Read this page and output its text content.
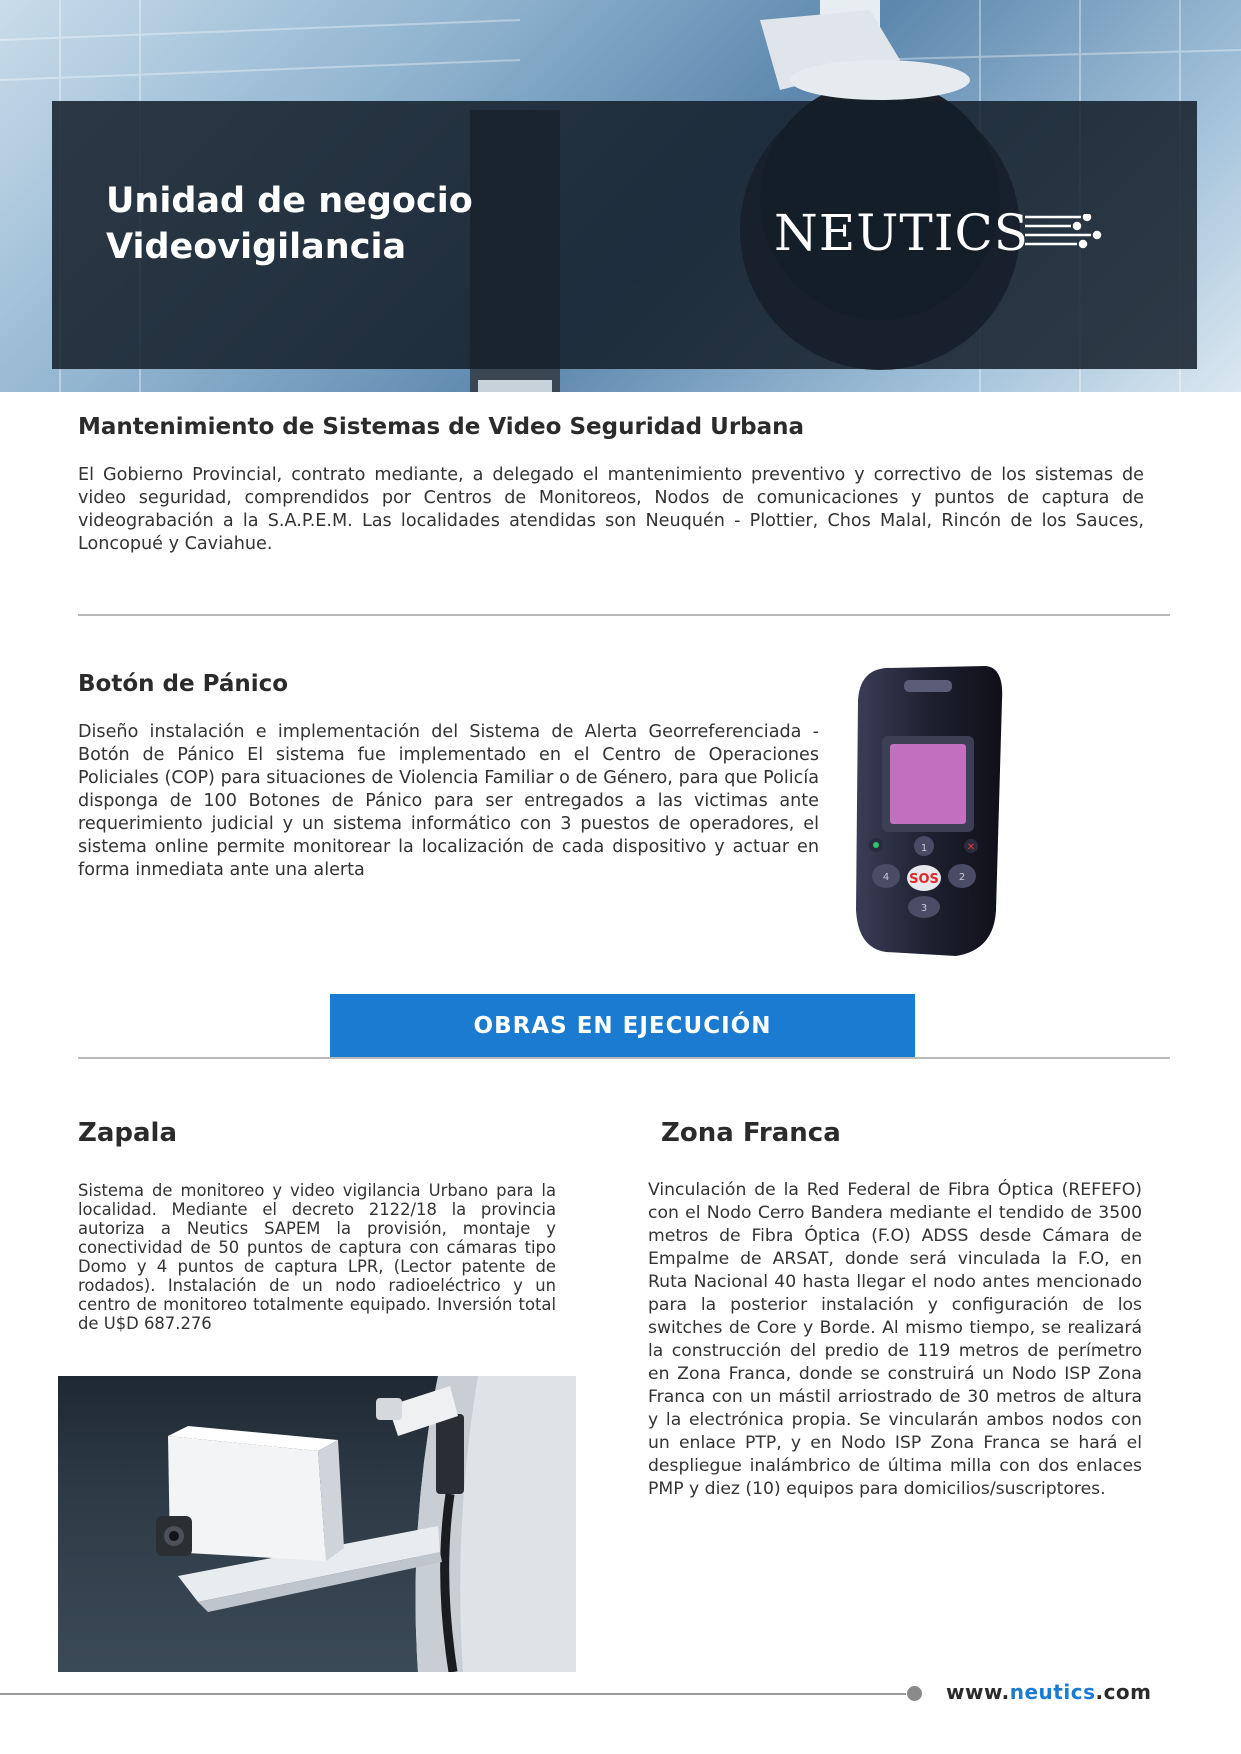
Unidad de negocio
Videovigilancia	NEUTICS
Mantenimiento de Sistemas de Video Seguridad Urbana
El Gobierno Provincial, contrato mediante, a delegado el mantenimiento preventivo y correctivo de los sistemas de video seguridad, comprendidos por Centros de Monitoreos, Nodos de comunicaciones y puntos de captura de videograbación a la S.A.P.E.M. Las localidades atendidas son Neuquén - Plottier, Chos Malal, Rincón de los Sauces, Loncopué y Caviahue.
Botón de Pánico
Diseño instalación e implementación del Sistema de Alerta Georreferenciada - Botón de Pánico El sistema fue implementado en el Centro de Operaciones Policiales (COP) para situaciones de Violencia Familiar o de Género, para que Policía disponga de 100 Botones de Pánico para ser entregados a las victimas ante requerimiento judicial y un sistema informático con 3 puestos de operadores, el sistema online permite monitorear la localización de cada dispositivo y actuar en forma inmediata ante una alerta
✕
SOS
1
2
3
4
OBRAS EN EJECUCIÓN
Zapala
Sistema de monitoreo y video vigilancia Urbano para la localidad. Mediante el decreto 2122/18 la provincia autoriza a Neutics SAPEM la provisión, montaje y conectividad de 50 puntos de captura con cámaras tipo Domo y 4 puntos de captura LPR, (Lector patente de rodados). Instalación de un nodo radioeléctrico y un centro de monitoreo totalmente equipado. Inversión total de U$D 687.276
Zona Franca
Vinculación de la Red Federal de Fibra Óptica (REFEFO) con el Nodo Cerro Bandera mediante el tendido de 3500 metros de Fibra Óptica (F.O) ADSS desde Cámara de Empalme de ARSAT, donde será vinculada la F.O, en Ruta Nacional 40 hasta llegar el nodo antes mencionado para la posterior instalación y configuración de los switches de Core y Borde. Al mismo tiempo, se realizará la construcción del predio de 119 metros de perímetro en Zona Franca, donde se construirá un Nodo ISP Zona Franca con un mástil arriostrado de 30 metros de altura y la electrónica propia. Se vincularán ambos nodos con un enlace PTP, y en Nodo ISP Zona Franca se hará el despliegue inalámbrico de última milla con dos enlaces PMP y diez (10) equipos para domicilios/suscriptores.
www.neutics.com
